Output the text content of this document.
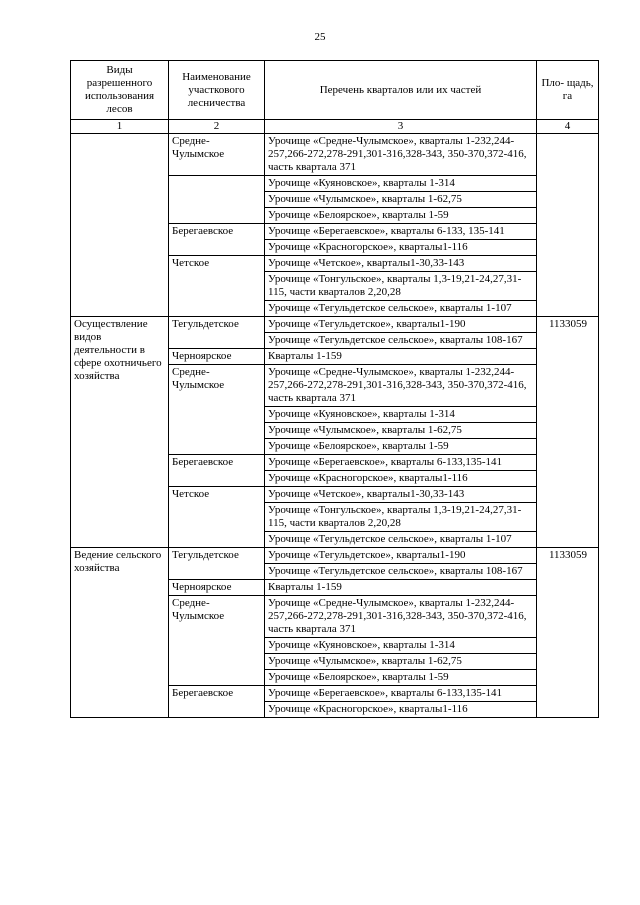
25
Виды разрешенного использования лесов	Наименование участкового лесничества	Перечень кварталов или их частей	Пло- щадь, га
1	2	3	4
	Средне- Чулымское	Урочище «Средне-Чулымское», кварталы 1-232,244-257,266-272,278-291,301-316,328-343, 350-370,372-416, часть квартала 371	
		Урочище «Куяновское», кварталы 1-314	
		Урочише «Чулымское», кварталы 1-62,75	
		Урочище «Белоярское», кварталы 1-59	
	Берегаевское	Урочище «Берегаевское», кварталы 6-133, 135-141	
		Урочище «Красногорское», кварталы1-116	
	Четское	Урочище «Четское», кварталы1-30,33-143	
		Урочище «Тонгульское», кварталы 1,3-19,21-24,27,31-115, части кварталов 2,20,28	
		Урочище «Тегульдетское сельское», кварталы 1-107	
Осуществление видов деятельности в сфере охотничьего хозяйства	Тегульдетское	Урочище «Тегульдетское», кварталы1-190	1133059
		Урочище «Тегульдетское сельское», кварталы 108-167	
	Черноярское	Кварталы 1-159	
	Средне- Чулымское	Урочище «Средне-Чулымское», кварталы 1-232,244-257,266-272,278-291,301-316,328-343, 350-370,372-416, часть квартала 371	
		Урочище «Куяновское», кварталы 1-314	
		Урочище «Чулымское», кварталы 1-62,75	
		Урочище «Белоярское», кварталы 1-59	
	Берегаевское	Урочище «Берегаевское», кварталы 6-133,135-141	
		Урочище «Красногорское», кварталы1-116	
	Четское	Урочище «Четское», кварталы1-30,33-143	
		Урочище «Тонгульское», кварталы 1,3-19,21-24,27,31-115, части кварталов 2,20,28	
		Урочище «Тегульдетское сельское», кварталы 1-107	
Ведение сельского хозяйства	Тегульдетское	Урочище «Тегульдетское», кварталы1-190	1133059
		Урочище «Тегульдетское сельское», кварталы 108-167	
	Черноярское	Кварталы 1-159	
	Средне- Чулымское	Урочище «Средне-Чулымское», кварталы 1-232,244-257,266-272,278-291,301-316,328-343, 350-370,372-416, часть квартала 371	
		Урочище «Куяновское», кварталы 1-314	
		Урочище «Чулымское», кварталы 1-62,75	
		Урочище «Белоярское», кварталы 1-59	
	Берегаевское	Урочище «Берегаевское», кварталы 6-133,135-141	
		Урочище «Красногорское», кварталы1-116	
